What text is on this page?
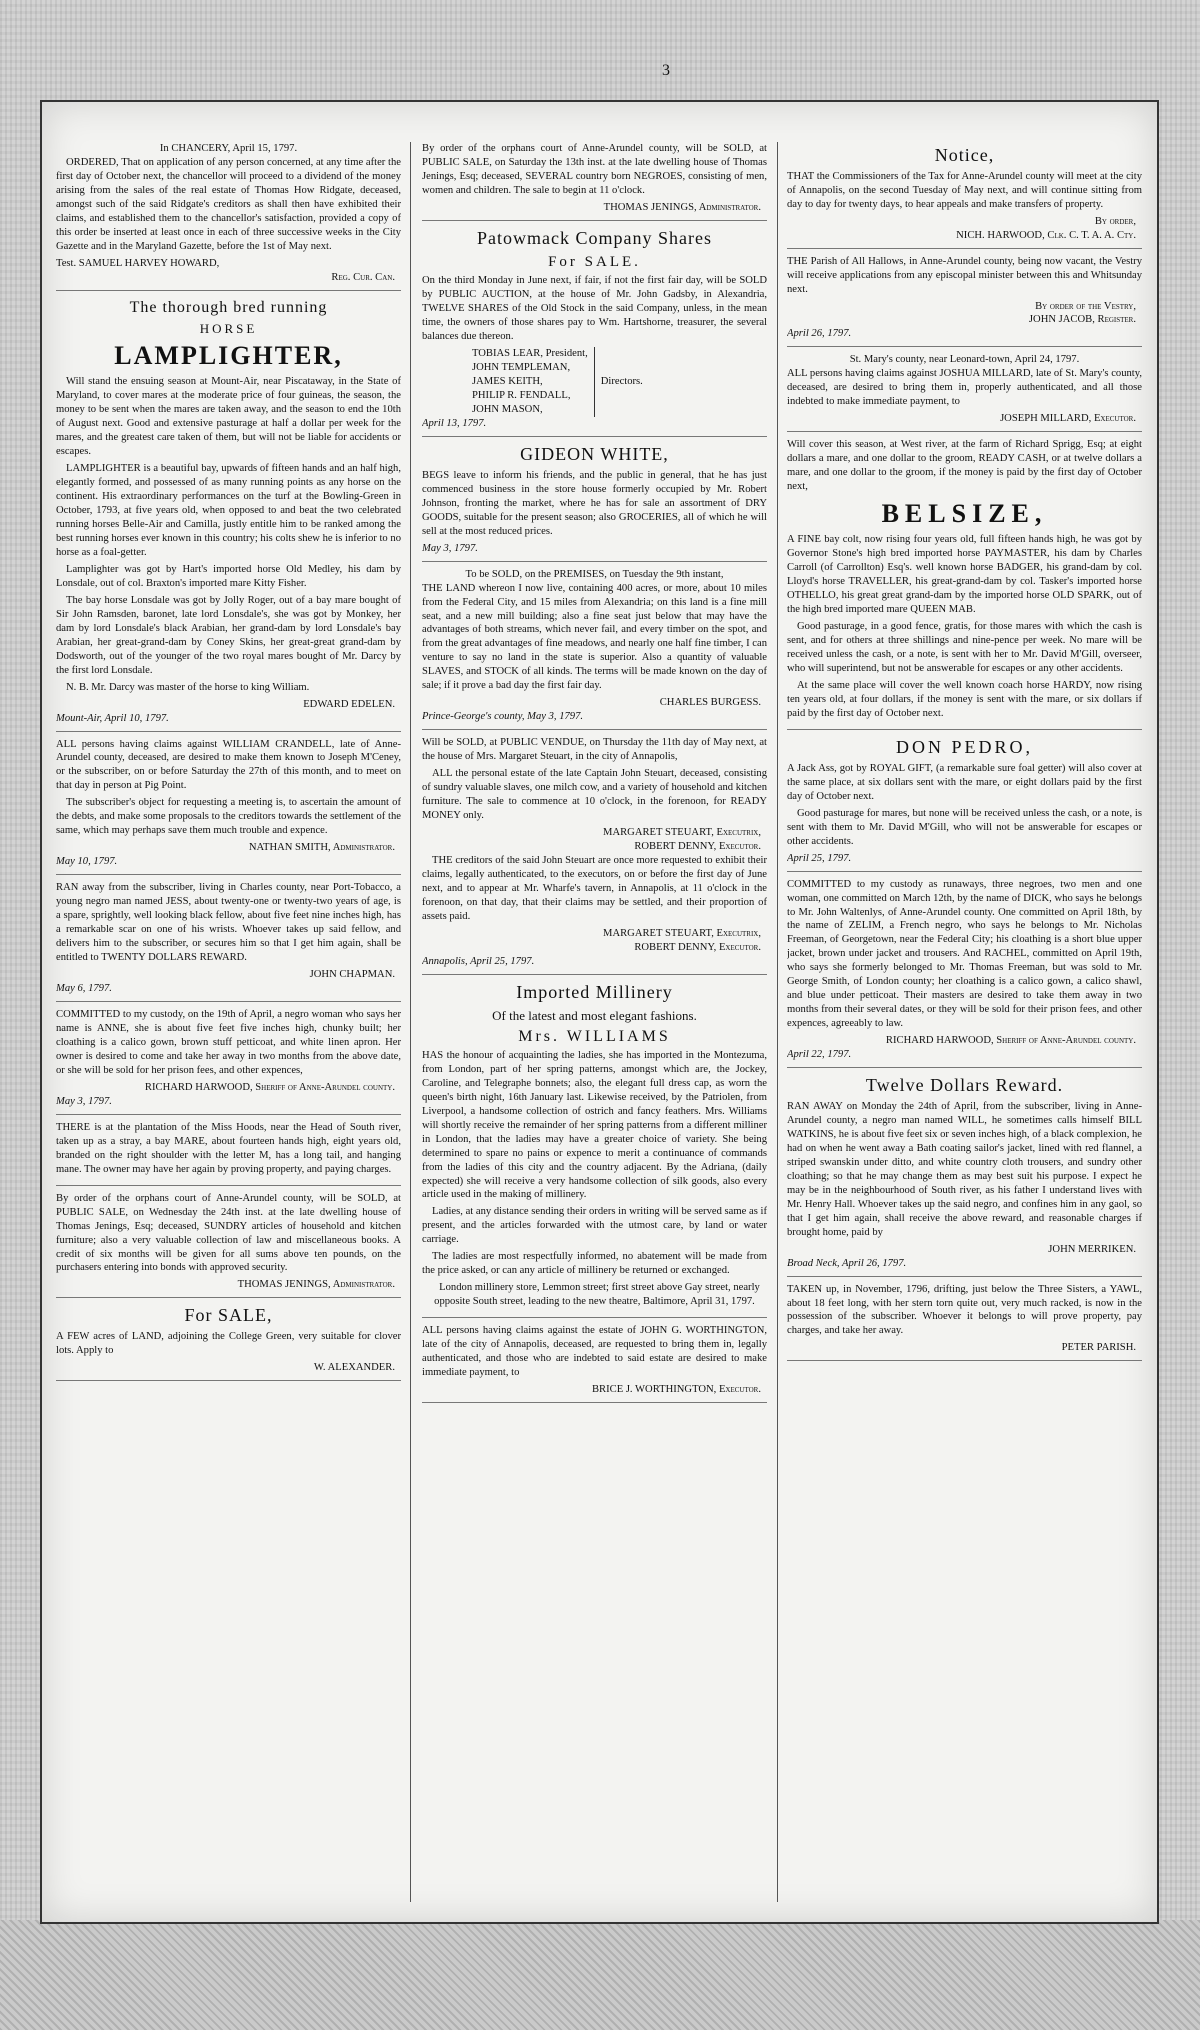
3
In CHANCERY, April 15, 1797.

ORDERED, That on application of any person concerned, at any time after the first day of October next, the chancellor will proceed to a dividend of the money arising from the sales of the real estate of Thomas How Ridgate, deceased, amongst such of the said Ridgate's creditors as shall then have exhibited their claims, and established them to the chancellor's satisfaction, provided a copy of this order be inserted at least once in each of three successive weeks in the City Gazette and in the Maryland Gazette, before the 1st of May next.

Test. SAMUEL HARVEY HOWARD,
Reg. Cur. Can.
The thorough bred running
HORSE
LAMPLIGHTER,

Will stand the ensuing season at Mount-Air, near Piscataway, in the State of Maryland, to cover mares at the moderate price of four guineas, the season, the money to be sent when the mares are taken away, and the season to end the 10th of August next. Good and extensive pasturage at half a dollar per week for the mares, and the greatest care taken of them, but will not be liable for accidents or escapes.

LAMPLIGHTER is a beautiful bay, upwards of fifteen hands and an half high, elegantly formed, and possessed of as many running points as any horse on the continent. His extraordinary performances on the turf at the Bowling-Green in October, 1793, at five years old, when opposed to and beat the two celebrated running horses Belle-Air and Camilla, justly entitle him to be ranked among the best running horses ever known in this country; his colts shew he is inferior to no horse as a foal-getter.

Lamplighter was got by Hart's imported horse Old Medley, his dam by Lonsdale, out of col. Braxton's imported mare Kitty Fisher.

The bay horse Lonsdale was got by Jolly Roger, out of a bay mare bought of Sir John Ramsden, baronet, late lord Lonsdale's, she was got by Monkey, her dam by lord Lonsdale's black Arabian, her grand-dam by lord Lonsdale's bay Arabian, her great-grand-dam by Coney Skins, her great-great grand-dam by Dodsworth, out of the younger of the two royal mares bought of Mr. Darcy by the first lord Lonsdale.

N. B. Mr. Darcy was master of the horse to king William.

EDWARD EDELEN.
Mount-Air, April 10, 1797.

ALL persons having claims against WILLIAM CRANDELL, late of Anne-Arundel county, deceased, are desired to make them known to Joseph M'Ceney, or the subscriber, on or before Saturday the 27th of this month, and to meet on that day in person at Pig Point.

The subscriber's object for requesting a meeting is, to ascertain the amount of the debts, and make some proposals to the creditors towards the settlement of the same, which may perhaps save them much trouble and expence.

NATHAN SMITH, Administrator.
May 10, 1797.

RAN away from the subscriber, living in Charles county, near Port-Tobacco, a young negro man named JESS, about twenty-one or twenty-two years of age, is a spare, sprightly, well looking black fellow, about five feet nine inches high, has a remarkable scar on one of his wrists. Whoever takes up said fellow, and delivers him to the subscriber, or secures him so that I get him again, shall be entitled to TWENTY DOLLARS REWARD.

JOHN CHAPMAN.
May 6, 1797.

COMMITTED to my custody, on the 19th of April, a negro woman who says her name is ANNE, she is about five feet five inches high, chunky built; her cloathing is a calico gown, brown stuff petticoat, and white linen apron. Her owner is desired to come and take her away in two months from the above date, or she will be sold for her prison fees, and other expences,

RICHARD HARWOOD, Sheriff of Anne-Arundel county.
May 3, 1797.

THERE is at the plantation of the Miss Hoods, near the Head of South river, taken up as a stray, a bay MARE, about fourteen hands high, eight years old, branded on the right shoulder with the letter M, has a long tail, and hanging mane. The owner may have her again by proving property, and paying charges.

By order of the orphans court of Anne-Arundel county, will be SOLD, at PUBLIC SALE, on Wednesday the 24th inst. at the late dwelling house of Thomas Jenings, Esq; deceased, SUNDRY articles of household and kitchen furniture; also a very valuable collection of law and miscellaneous books. A credit of six months will be given for all sums above ten pounds, on the purchasers entering into bonds with approved security.

THOMAS JENINGS, Administrator.
For SALE,

A FEW acres of LAND, adjoining the College Green, very suitable for clover lots. Apply to

W. ALEXANDER.

By order of the orphans court of Anne-Arundel county, will be SOLD, at PUBLIC SALE, on Saturday the 13th inst. at the late dwelling house of Thomas Jenings, Esq; deceased, SEVERAL country born NEGROES, consisting of men, women and children. The sale to begin at 11 o'clock.

THOMAS JENINGS, Administrator.
Patowmack Company Shares
For SALE.

On the third Monday in June next, if fair, if not the first fair day, will be SOLD by PUBLIC AUCTION, at the house of Mr. John Gadsby, in Alexandria, TWELVE SHARES of the Old Stock in the said Company, unless, in the mean time, the owners of those shares pay to Wm. Hartshorne, treasurer, the several balances due thereon.

TOBIAS LEAR, President,
JOHN TEMPLEMAN,
JAMES KEITH,
PHILIP R. FENDALL,
JOHN MASON,
Directors.
April 13, 1797.
GIDEON WHITE,

BEGS leave to inform his friends, and the public in general, that he has just commenced business in the store house formerly occupied by Mr. Robert Johnson, fronting the market, where he has for sale an assortment of DRY GOODS, suitable for the present season; also GROCERIES, all of which he will sell at the most reduced prices.

May 3, 1797.
To be SOLD, on the PREMISES, on Tuesday the 9th instant,

THE LAND whereon I now live, containing 400 acres, or more, about 10 miles from the Federal City, and 15 miles from Alexandria; on this land is a fine mill seat, and a new mill building; also a fine seat just below that may have the advantages of both streams, which never fail, and every timber on the spot, and from the great advantages of fine meadows, and nearly one half fine timber, I can venture to say no land in the state is superior. Also a quantity of valuable SLAVES, and STOCK of all kinds. The terms will be made known on the day of sale; if it prove a bad day the first fair day.

CHARLES BURGESS.
Prince-George's county, May 3, 1797.

Will be SOLD, at PUBLIC VENDUE, on Thursday the 11th day of May next, at the house of Mrs. Margaret Steuart, in the city of Annapolis,

ALL the personal estate of the late Captain John Steuart, deceased, consisting of sundry valuable slaves, one milch cow, and a variety of household and kitchen furniture. The sale to commence at 10 o'clock, in the forenoon, for READY MONEY only.

MARGARET STEUART, Executrix,
ROBERT DENNY, Executor.

THE creditors of the said John Steuart are once more requested to exhibit their claims, legally authenticated, to the executors, on or before the first day of June next, and to appear at Mr. Wharfe's tavern, in Annapolis, at 11 o'clock in the forenoon, on that day, that their claims may be settled, and their proportion of assets paid.

MARGARET STEUART, Executrix,
ROBERT DENNY, Executor.
Annapolis, April 25, 1797.
Imported Millinery
Of the latest and most elegant fashions.
Mrs. WILLIAMS

HAS the honour of acquainting the ladies, she has imported in the Montezuma, from London, part of her spring patterns, amongst which are, the Jockey, Caroline, and Telegraphe bonnets; also, the elegant full dress cap, as worn the queen's birth night, 16th January last. Likewise received, by the Patriolen, from Liverpool, a handsome collection of ostrich and fancy feathers. Mrs. Williams will shortly receive the remainder of her spring patterns from a different milliner in London, that the ladies may have a greater choice of variety. She being determined to spare no pains or expence to merit a continuance of commands from the ladies of this city and the country adjacent. By the Adriana, (daily expected) she will receive a very handsome collection of silk goods, also every article used in the making of millinery.

Ladies, at any distance sending their orders in writing will be served same as if present, and the articles forwarded with the utmost care, by land or water carriage.

The ladies are most respectfully informed, no abatement will be made from the price asked, or can any article of millinery be returned or exchanged.

London millinery store, Lemmon street; first street above Gay street, nearly opposite South street, leading to the new theatre, Baltimore, April 31, 1797.

ALL persons having claims against the estate of JOHN G. WORTHINGTON, late of the city of Annapolis, deceased, are requested to bring them in, legally authenticated, and those who are indebted to said estate are desired to make immediate payment, to

BRICE J. WORTHINGTON, Executor.
Notice,

THAT the Commissioners of the Tax for Anne-Arundel county will meet at the city of Annapolis, on the second Tuesday of May next, and will continue sitting from day to day for twenty days, to hear appeals and make transfers of property.

By order,
NICH. HARWOOD, Clk. C. T. A. A. Cty.

THE Parish of All Hallows, in Anne-Arundel county, being now vacant, the Vestry will receive applications from any episcopal minister between this and Whitsunday next.

By order of the Vestry,
JOHN JACOB, Register.
April 26, 1797.
St. Mary's county, near Leonard-town, April 24, 1797.

ALL persons having claims against JOSHUA MILLARD, late of St. Mary's county, deceased, are desired to bring them in, properly authenticated, and all those indebted to make immediate payment, to

JOSEPH MILLARD, Executor.

Will cover this season, at West river, at the farm of Richard Sprigg, Esq; at eight dollars a mare, and one dollar to the groom, READY CASH, or at twelve dollars a mare, and one dollar to the groom, if the money is paid by the first day of October next,

BELSIZE,

A FINE bay colt, now rising four years old, full fifteen hands high, he was got by Governor Stone's high bred imported horse PAYMASTER, his dam by Charles Carroll (of Carrollton) Esq's. well known horse BADGER, his grand-dam by col. Lloyd's horse TRAVELLER, his great-grand-dam by col. Tasker's imported horse OTHELLO, his great great grand-dam by the imported horse OLD SPARK, out of the high bred imported mare QUEEN MAB.

Good pasturage, in a good fence, gratis, for those mares with which the cash is sent, and for others at three shillings and nine-pence per week. No mare will be received unless the cash, or a note, is sent with her to Mr. David M'Gill, overseer, who will superintend, but not be answerable for escapes or any other accidents.

At the same place will cover the well known coach horse HARDY, now rising ten years old, at four dollars, if the money is sent with the mare, or six dollars if paid by the first day of October next.

DON PEDRO,

A Jack Ass, got by ROYAL GIFT, (a remarkable sure foal getter) will also cover at the same place, at six dollars sent with the mare, or eight dollars paid by the first day of October next.

Good pasturage for mares, but none will be received unless the cash, or a note, is sent with them to Mr. David M'Gill, who will not be answerable for escapes or other accidents.

April 25, 1797.

COMMITTED to my custody as runaways, three negroes, two men and one woman, one committed on March 12th, by the name of DICK, who says he belongs to Mr. John Waltenlys, of Anne-Arundel county. One committed on April 18th, by the name of ZELIM, a French negro, who says he belongs to Mr. Nicholas Freeman, of Georgetown, near the Federal City; his cloathing is a short blue upper jacket, brown under jacket and trousers. And RACHEL, committed on April 19th, who says she formerly belonged to Mr. Thomas Freeman, but was sold to Mr. George Smith, of London county; her cloathing is a calico gown, a calico shawl, and blue under petticoat. Their masters are desired to take them away in two months from their several dates, or they will be sold for their prison fees, and other expences, agreeably to law.

RICHARD HARWOOD, Sheriff of Anne-Arundel county.
April 22, 1797.
Twelve Dollars Reward.

RAN AWAY on Monday the 24th of April, from the subscriber, living in Anne-Arundel county, a negro man named WILL, he sometimes calls himself BILL WATKINS, he is about five feet six or seven inches high, of a black complexion, he had on when he went away a Bath coating sailor's jacket, lined with red flannel, a striped swanskin under ditto, and white country cloth trousers, and sundry other cloathing; so that he may change them as may best suit his purpose. I expect he may be in the neighbourhood of South river, as his father I understand lives with Mr. Henry Hall. Whoever takes up the said negro, and confines him in any gaol, so that I get him again, shall receive the above reward, and reasonable charges if brought home, paid by

JOHN MERRIKEN.
Broad Neck, April 26, 1797.

TAKEN up, in November, 1796, drifting, just below the Three Sisters, a YAWL, about 18 feet long, with her stern torn quite out, very much racked, is now in the possession of the subscriber. Whoever it belongs to will prove property, pay charges, and take her away.

PETER PARISH.
